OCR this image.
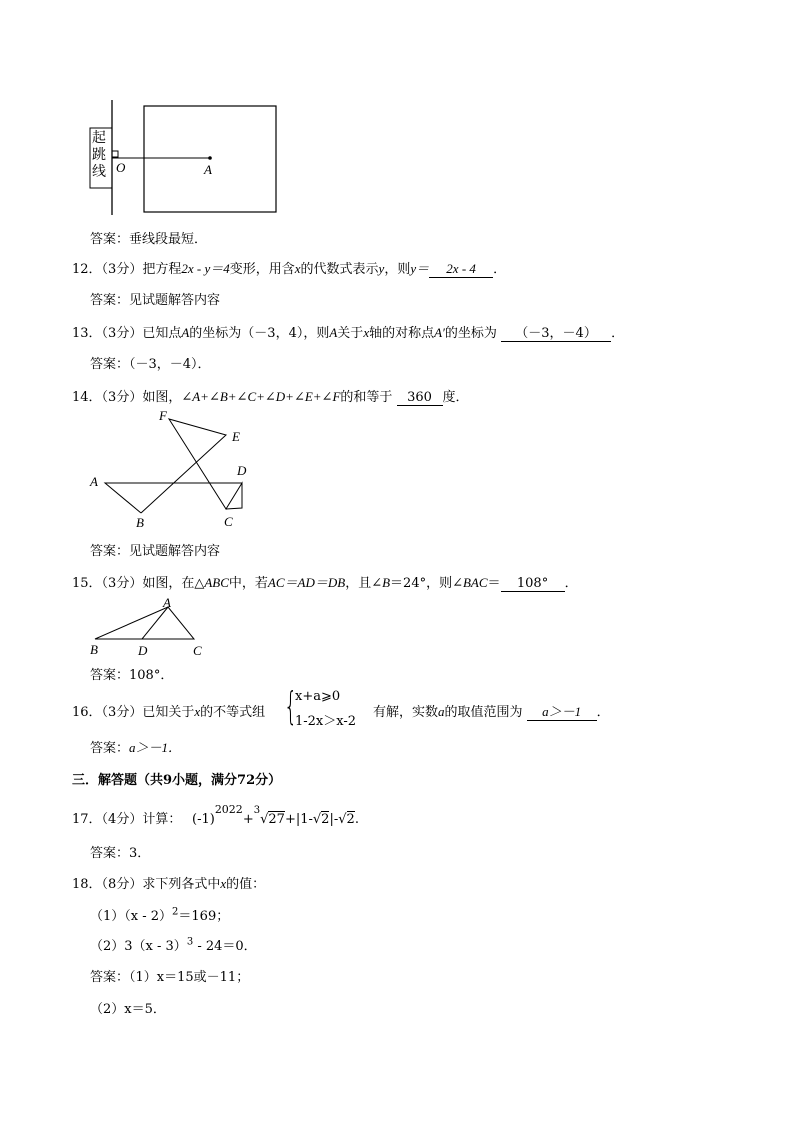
起跳线 O	A
答案：垂线段最短．
12．（3分）把方程2x - y＝4变形，用含x的代数式表示y，则y＝ 2x - 4 ．
答案：见试题解答内容
13．（3分）已知点A的坐标为（－3，4），则A关于x轴的对称点A′的坐标为 （－3，－4） ．
答案：（－3，－4）．
14．（3分）如图，∠A+∠B+∠C+∠D+∠E+∠F的和等于 360 度．
F
E
D
A
B	C
答案：见试题解答内容
15．（3分）如图，在△ABC中，若AC＝AD＝DB，且∠B＝24°，则∠BAC＝ 108° ．
A
B	D	C
答案：108°．
16．（3分）已知关于x的不等式组 {
x+a⩾0
1-2x＞x-2
有解，实数a的取值范围为 a＞－1 ．
答案：a＞－1．
三．解答题（共9小题，满分72分）
17．（4分）计算： $(-1)^{2022}+^3√27+|1-√2|-√2$.
答案：3．
18．（8分）求下列各式中x的值：
（1）（x - 2）$^2$＝169；
（2）3（x - 3）$^3$ - 24＝0．
答案：（1）x＝15或－11；
（2）x＝5．
